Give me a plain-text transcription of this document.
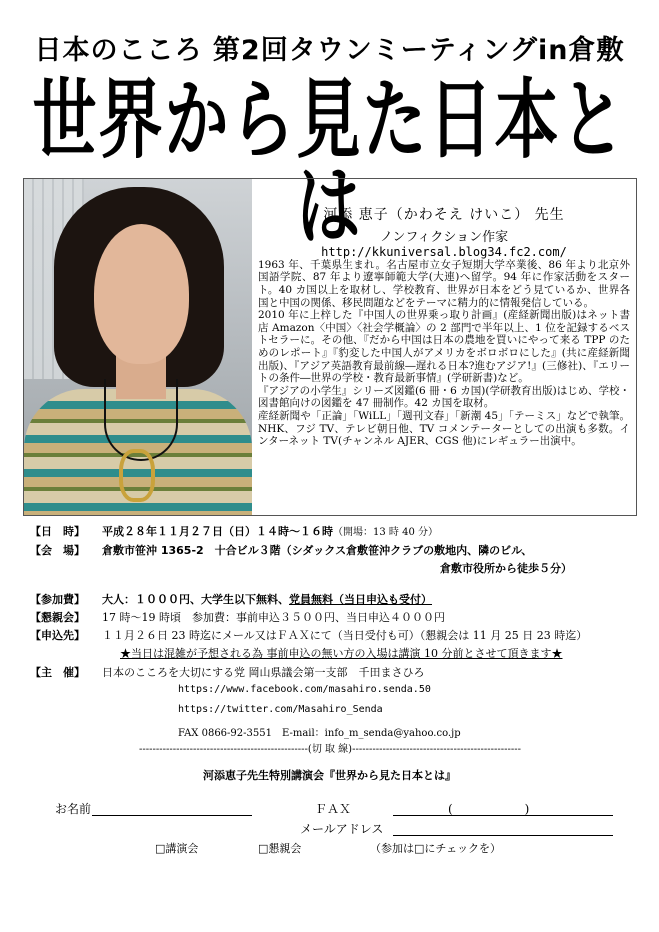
日本のこころ 第2回タウンミーティングin倉敷
世界から見た日本とは
河添 恵子（かわそえ けいこ） 先生
ノンフィクション作家
http://kkuniversal.blog34.fc2.com/

1963 年、千葉県生まれ。名古屋市立女子短期大学卒業後、86 年より北京外国語学院、87 年より遼寧師範大学(大連)へ留学。94 年に作家活動をスタート。40 カ国以上を取材し、学校教育、世界が日本をどう見ているか、世界各国と中国の関係、移民問題などをテーマに精力的に情報発信している。

2010 年に上梓した『中国人の世界乗っ取り計画』(産経新聞出版)はネット書店 Amazon〈中国〉〈社会学概論〉の 2 部門で半年以上、1 位を記録するベストセラーに。その他、『だから中国は日本の農地を買いにやって来る TPP のためのレポート』『豹変した中国人がアメリカをボロボロにした』(共に産経新聞出版)、『アジア英語教育最前線―遅れる日本?進むアジア!』(三修社)、『エリートの条件―世界の学校・教育最新事情』(学研新書)など。

『アジアの小学生』シリーズ図鑑(6 冊・6 カ国)(学研教育出版)はじめ、学校・図書館向けの図鑑を 47 冊制作。42 カ国を取材。

産経新聞や「正論」「WiLL」「週刊文春」「新潮 45」「テーミス」などで執筆。NHK、フジ TV、テレビ朝日他、TV コメンテーターとしての出演も多数。インターネット TV(チャンネル AJER、CGS 他)にレギュラー出演中。

【日　時】 平成２８年１１月２７日（日）１４時～１６時（開場：13 時 40 分）
【会　場】 倉敷市笹沖 1365-2　十合ビル３階（シダックス倉敷笹沖クラブの敷地内、隣のビル、
倉敷市役所から徒歩５分）
【参加費】 大人：１０００円、大学生以下無料、党員無料（当日申込も受付）
【懇親会】 17 時～19 時頃　参加費：事前申込３５００円、当日申込４０００円
【申込先】 １１月２６日 23 時迄にメール又はＦＡＸにて（当日受付も可）（懇親会は 11 月 25 日 23 時迄）
★当日は混雑が予想される為 事前申込の無い方の入場は講演 10 分前とさせて頂きます★
【主　催】 日本のこころを大切にする党 岡山県議会第一支部　千田まさひろ
https://www.facebook.com/masahiro.senda.50
https://twitter.com/Masahiro_Senda
FAX 0866-92-3551　E-mail：info_m_senda@yahoo.co.jp
--------------------------------------------------(切 取 線)--------------------------------------------------
河添恵子先生特別講演会『世界から見た日本とは』
お名前	ＦＡＸ	(　　　　　　)
メールアドレス
□講演会	□懇親会	（参加は□にチェックを）
